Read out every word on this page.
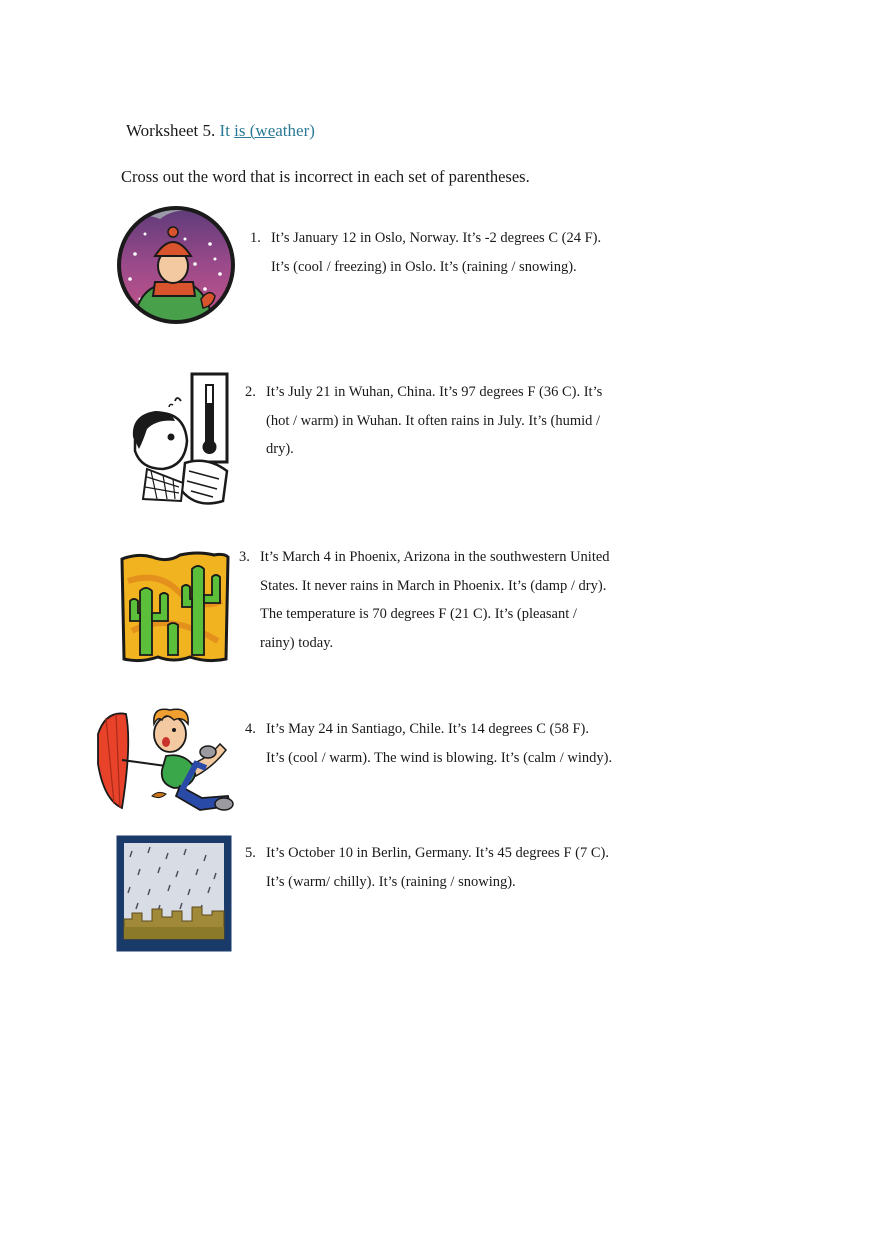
Worksheet 5. It is (weather)
Cross out the word that is incorrect in each set of parentheses.
1. It’s January 12 in Oslo, Norway. It’s -2 degrees C (24 F).
It’s (cool / freezing) in Oslo. It’s (raining / snowing).
2. It’s July 21 in Wuhan, China. It’s 97 degrees F (36 C). It’s
(hot / warm) in Wuhan. It often rains in July. It’s (humid /
dry).
3. It’s March 4 in Phoenix, Arizona in the southwestern United
States. It never rains in March in Phoenix. It’s (damp / dry).
The temperature is 70 degrees F (21 C). It’s (pleasant /
rainy) today.
4. It’s May 24 in Santiago, Chile. It’s 14 degrees C (58 F).
It’s (cool / warm). The wind is blowing. It’s (calm / windy).
5. It’s October 10 in Berlin, Germany. It’s 45 degrees F (7 C).
It’s (warm/ chilly). It’s (raining / snowing).
